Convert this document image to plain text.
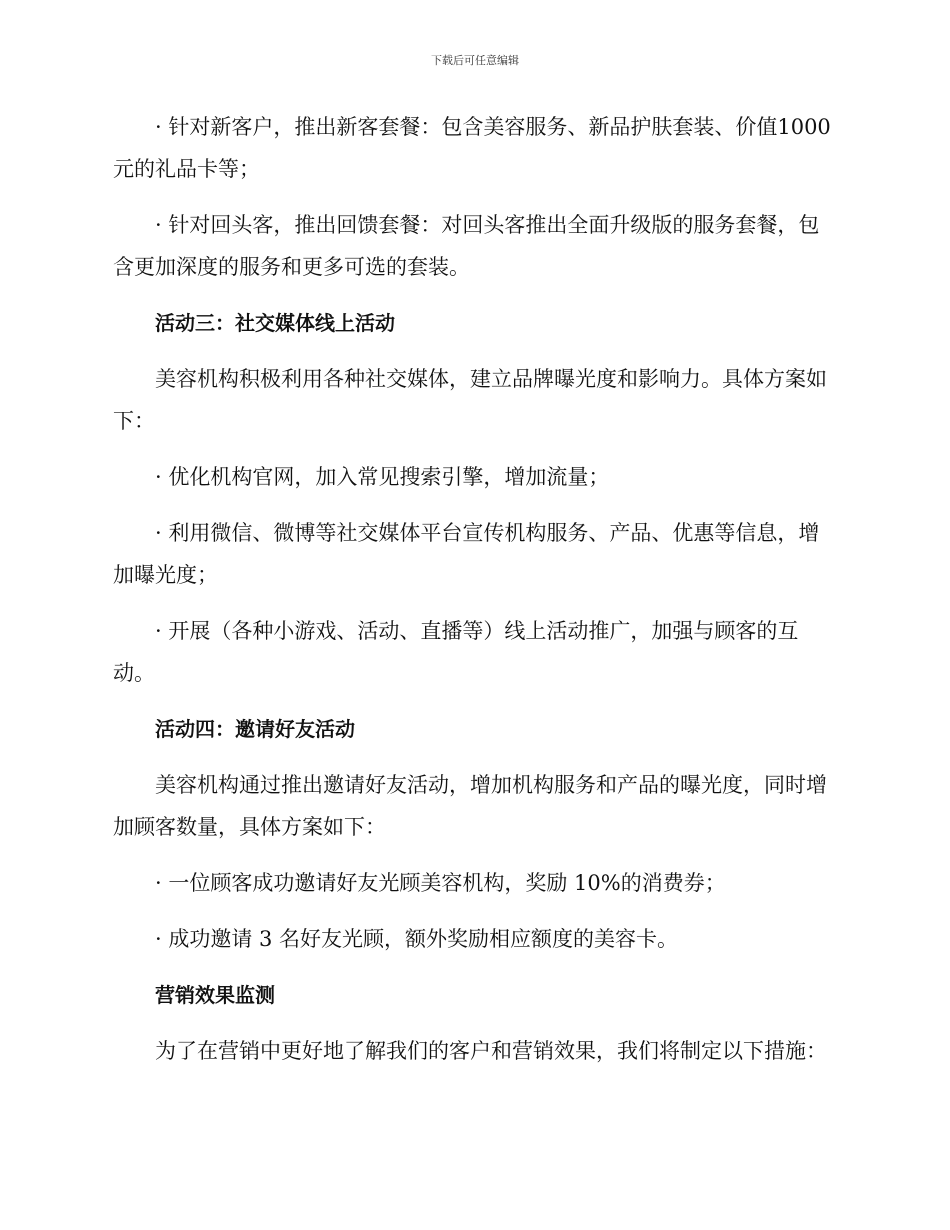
下载后可任意编辑

· 针对新客户，推出新客套餐：包含美容服务、新品护肤套装、价值1000 元的礼品卡等；

· 针对回头客，推出回馈套餐：对回头客推出全面升级版的服务套餐，包含更加深度的服务和更多可选的套装。

活动三：社交媒体线上活动

美容机构积极利用各种社交媒体，建立品牌曝光度和影响力。具体方案如下：

· 优化机构官网，加入常见搜索引擎，增加流量；

· 利用微信、微博等社交媒体平台宣传机构服务、产品、优惠等信息，增加曝光度；

· 开展（各种小游戏、活动、直播等）线上活动推广，加强与顾客的互动。

活动四：邀请好友活动

美容机构通过推出邀请好友活动，增加机构服务和产品的曝光度，同时增加顾客数量，具体方案如下：

· 一位顾客成功邀请好友光顾美容机构，奖励 10%的消费券；

· 成功邀请 3 名好友光顾，额外奖励相应额度的美容卡。

营销效果监测

为了在营销中更好地了解我们的客户和营销效果，我们将制定以下措施：
